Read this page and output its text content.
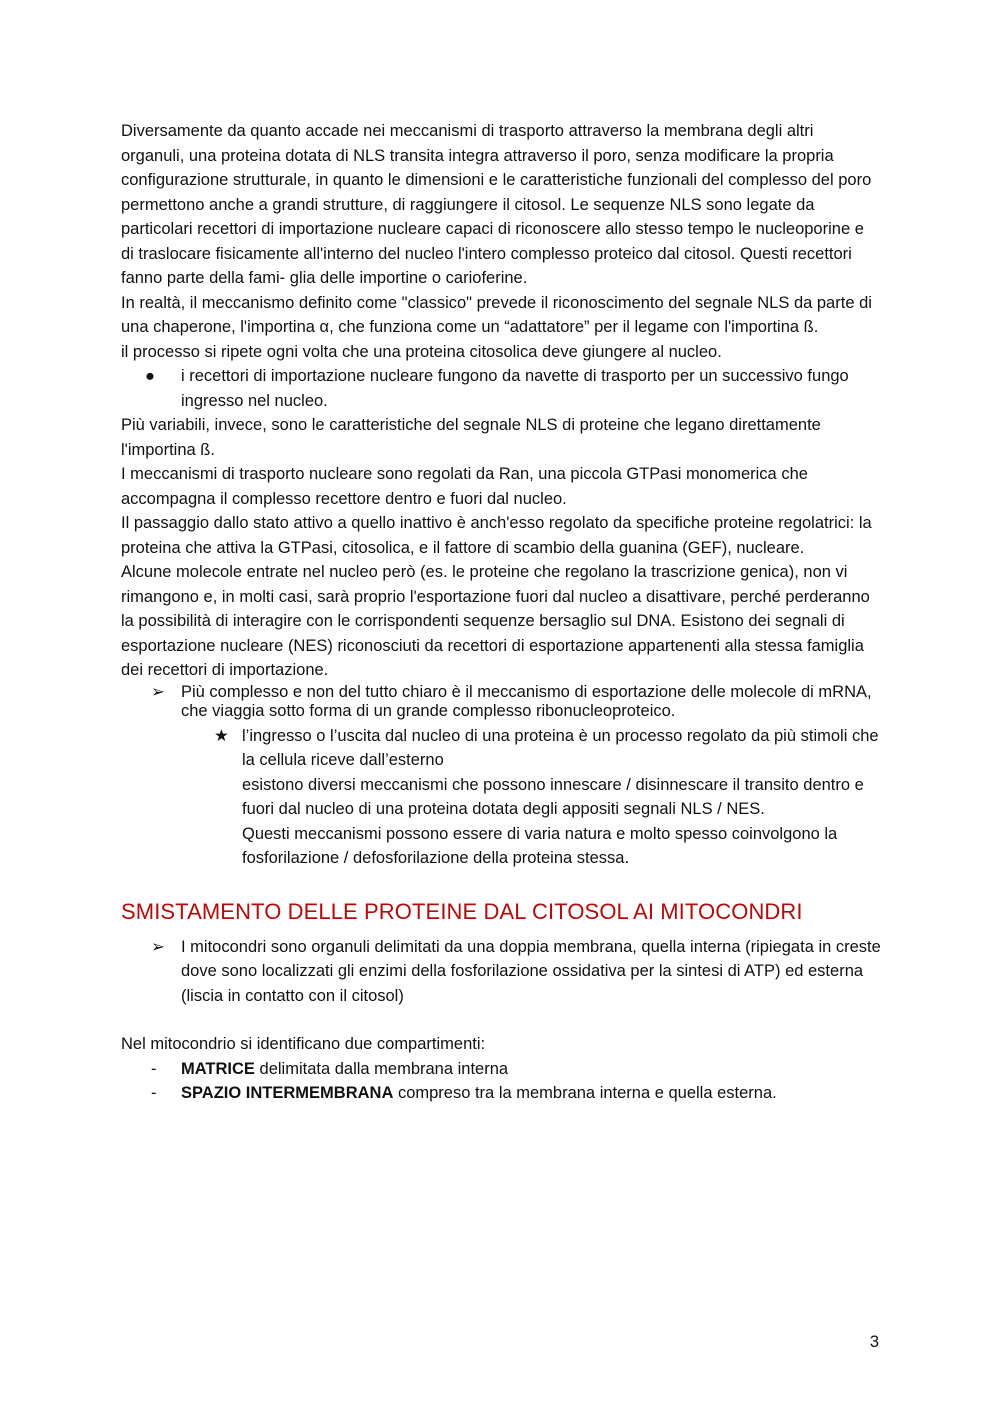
Diversamente da quanto accade nei meccanismi di trasporto attraverso la membrana degli altri organuli, una proteina dotata di NLS transita integra attraverso il poro, senza modificare la propria configurazione strutturale, in quanto le dimensioni e le caratteristiche funzionali del complesso del poro permettono anche a grandi strutture, di raggiungere il citosol. Le sequenze NLS sono legate da particolari recettori di importazione nucleare capaci di riconoscere allo stesso tempo le nucleoporine e di traslocare fisicamente all'interno del nucleo l'intero complesso proteico dal citosol. Questi recettori fanno parte della fami- glia delle importine o carioferine.

In realtà, il meccanismo definito come "classico" prevede il riconoscimento del segnale NLS da parte di una chaperone, l'importina α, che funziona come un “adattatore” per il legame con l'importina ß.

il processo si ripete ogni volta che una proteina citosolica deve giungere al nucleo.

●	i recettori di importazione nucleare fungono da navette di trasporto per un successivo fungo ingresso nel nucleo.

Più variabili, invece, sono le caratteristiche del segnale NLS di proteine che legano direttamente l'importina ß.

I meccanismi di trasporto nucleare sono regolati da Ran, una piccola GTPasi monomerica che accompagna il complesso recettore dentro e fuori dal nucleo.

Il passaggio dallo stato attivo a quello inattivo è anch'esso regolato da specifiche proteine regolatrici: la proteina che attiva la GTPasi, citosolica, e il fattore di scambio della guanina (GEF), nucleare.

Alcune molecole entrate nel nucleo però (es. le proteine che regolano la trascrizione genica), non vi rimangono e, in molti casi, sarà proprio l'esportazione fuori dal nucleo a disattivare, perché perderanno la possibilità di interagire con le corrispondenti sequenze bersaglio sul DNA. Esistono dei segnali di esportazione nucleare (NES) riconosciuti da recettori di esportazione appartenenti alla stessa famiglia dei recettori di importazione.

➢ Più complesso e non del tutto chiaro è il meccanismo di esportazione delle molecole di mRNA, che viaggia sotto forma di un grande complesso ribonucleoproteico.
★ l’ingresso o l’uscita dal nucleo di una proteina è un processo regolato da più stimoli che la cellula riceve dall’esterno
esistono diversi meccanismi che possono innescare / disinnescare il transito dentro e fuori dal nucleo di una proteina dotata degli appositi segnali NLS / NES.
Questi meccanismi possono essere di varia natura e molto spesso coinvolgono la fosforilazione / defosforilazione della proteina stessa.
SMISTAMENTO DELLE PROTEINE DAL CITOSOL AI MITOCONDRI
➢ I mitocondri sono organuli delimitati da una doppia membrana, quella interna (ripiegata in creste dove sono localizzati gli enzimi della fosforilazione ossidativa per la sintesi di ATP) ed esterna (liscia in contatto con il citosol)

Nel mitocondrio si identificano due compartimenti:

- MATRICE delimitata dalla membrana interna
- SPAZIO INTERMEMBRANA compreso tra la membrana interna e quella esterna.
3
